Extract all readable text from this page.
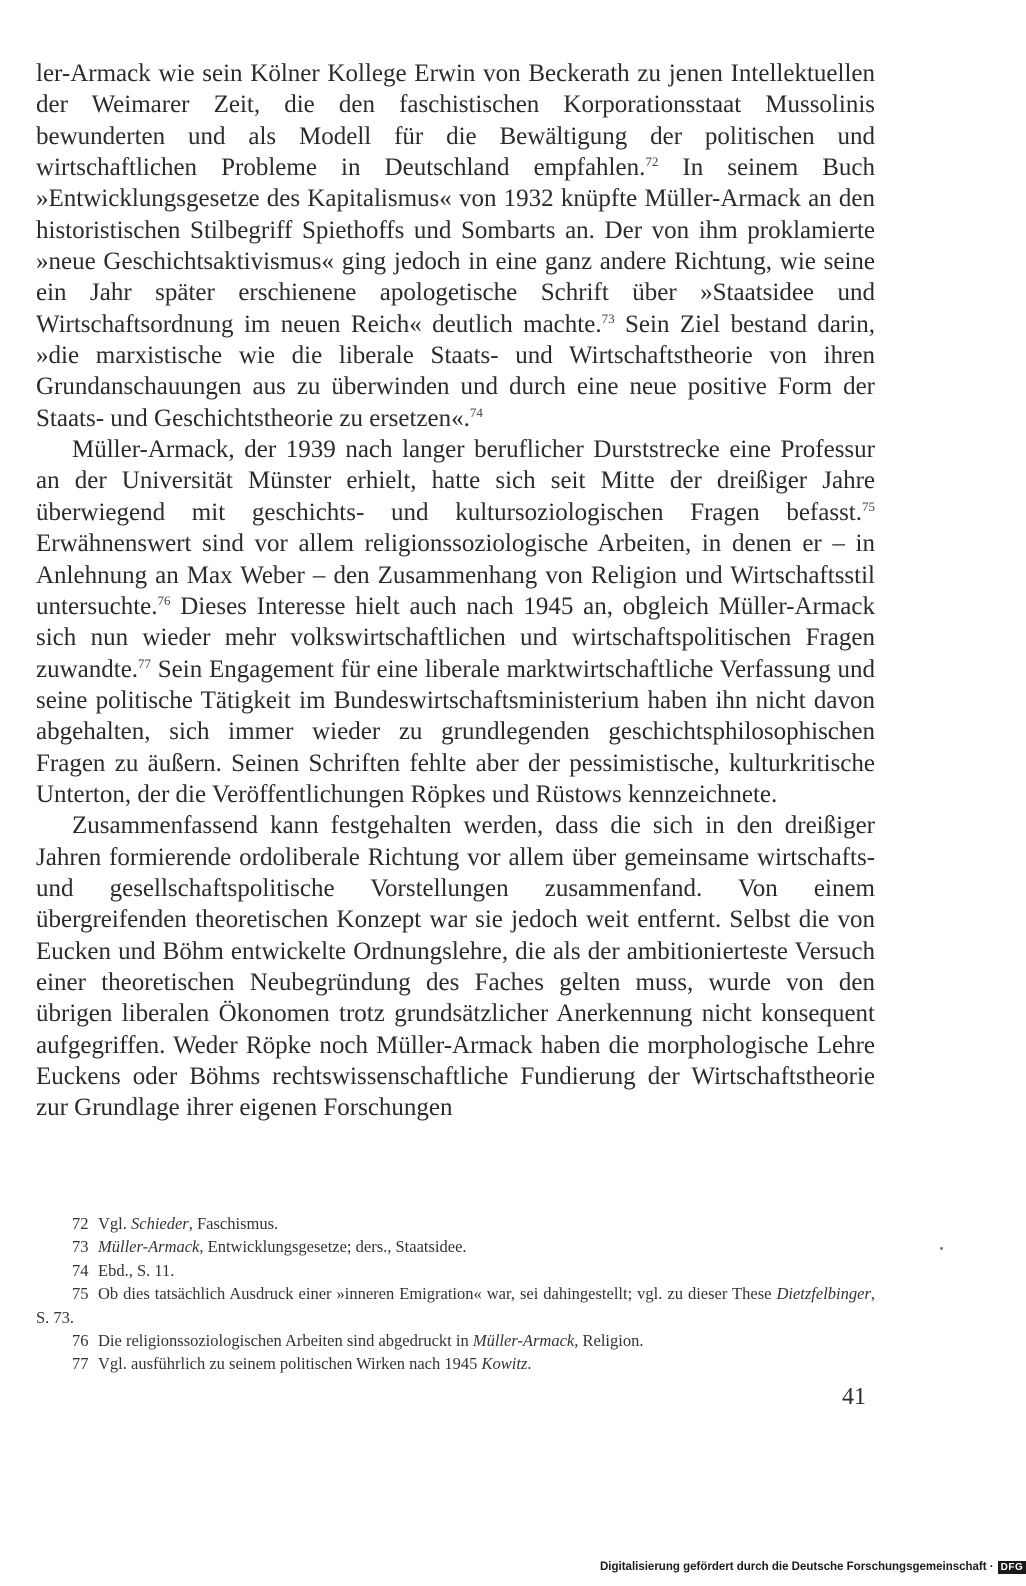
ler-Armack wie sein Kölner Kollege Erwin von Beckerath zu jenen Intellektuellen der Weimarer Zeit, die den faschistischen Korporationsstaat Mussolinis bewunderten und als Modell für die Bewältigung der politischen und wirtschaftlichen Probleme in Deutschland empfahlen.$^{72}$ In seinem Buch »Entwicklungsgesetze des Kapitalismus« von 1932 knüpfte Müller-Armack an den historistischen Stilbegriff Spiethoffs und Sombarts an. Der von ihm proklamierte »neue Geschichtsaktivismus« ging jedoch in eine ganz andere Richtung, wie seine ein Jahr später erschienene apologetische Schrift über »Staatsidee und Wirtschaftsordnung im neuen Reich« deutlich machte.$^{73}$ Sein Ziel bestand darin, »die marxistische wie die liberale Staats- und Wirtschaftstheorie von ihren Grundanschauungen aus zu überwinden und durch eine neue positive Form der Staats- und Geschichtstheorie zu ersetzen«.$^{74}$

Müller-Armack, der 1939 nach langer beruflicher Durststrecke eine Professur an der Universität Münster erhielt, hatte sich seit Mitte der dreißiger Jahre überwiegend mit geschichts- und kultursoziologischen Fragen befasst.$^{75}$ Erwähnenswert sind vor allem religionssoziologische Arbeiten, in denen er – in Anlehnung an Max Weber – den Zusammenhang von Religion und Wirtschaftsstil untersuchte.$^{76}$ Dieses Interesse hielt auch nach 1945 an, obgleich Müller-Armack sich nun wieder mehr volkswirtschaftlichen und wirtschaftspolitischen Fragen zuwandte.$^{77}$ Sein Engagement für eine liberale marktwirtschaftliche Verfassung und seine politische Tätigkeit im Bundeswirtschaftsministerium haben ihn nicht davon abgehalten, sich immer wieder zu grundlegenden geschichtsphilosophischen Fragen zu äußern. Seinen Schriften fehlte aber der pessimistische, kulturkritische Unterton, der die Veröffentlichungen Röpkes und Rüstows kennzeichnete.

Zusammenfassend kann festgehalten werden, dass die sich in den dreißiger Jahren formierende ordoliberale Richtung vor allem über gemeinsame wirtschafts- und gesellschaftspolitische Vorstellungen zusammenfand. Von einem übergreifenden theoretischen Konzept war sie jedoch weit entfernt. Selbst die von Eucken und Böhm entwickelte Ordnungslehre, die als der ambitionierteste Versuch einer theoretischen Neubegründung des Faches gelten muss, wurde von den übrigen liberalen Ökonomen trotz grundsätzlicher Anerkennung nicht konsequent aufgegriffen. Weder Röpke noch Müller-Armack haben die morphologische Lehre Euckens oder Böhms rechtswissenschaftliche Fundierung der Wirtschaftstheorie zur Grundlage ihrer eigenen Forschungen

72 Vgl. Schieder, Faschismus.

73 Müller-Armack, Entwicklungsgesetze; ders., Staatsidee.

74 Ebd., S. 11.

75 Ob dies tatsächlich Ausdruck einer »inneren Emigration« war, sei dahingestellt; vgl. zu dieser These Dietzfelbinger, S. 73.

76 Die religionssoziologischen Arbeiten sind abgedruckt in Müller-Armack, Religion.

77 Vgl. ausführlich zu seinem politischen Wirken nach 1945 Kowitz.

41
Digitalisierung gefördert durch die Deutsche Forschungsgemeinschaft · DFG
